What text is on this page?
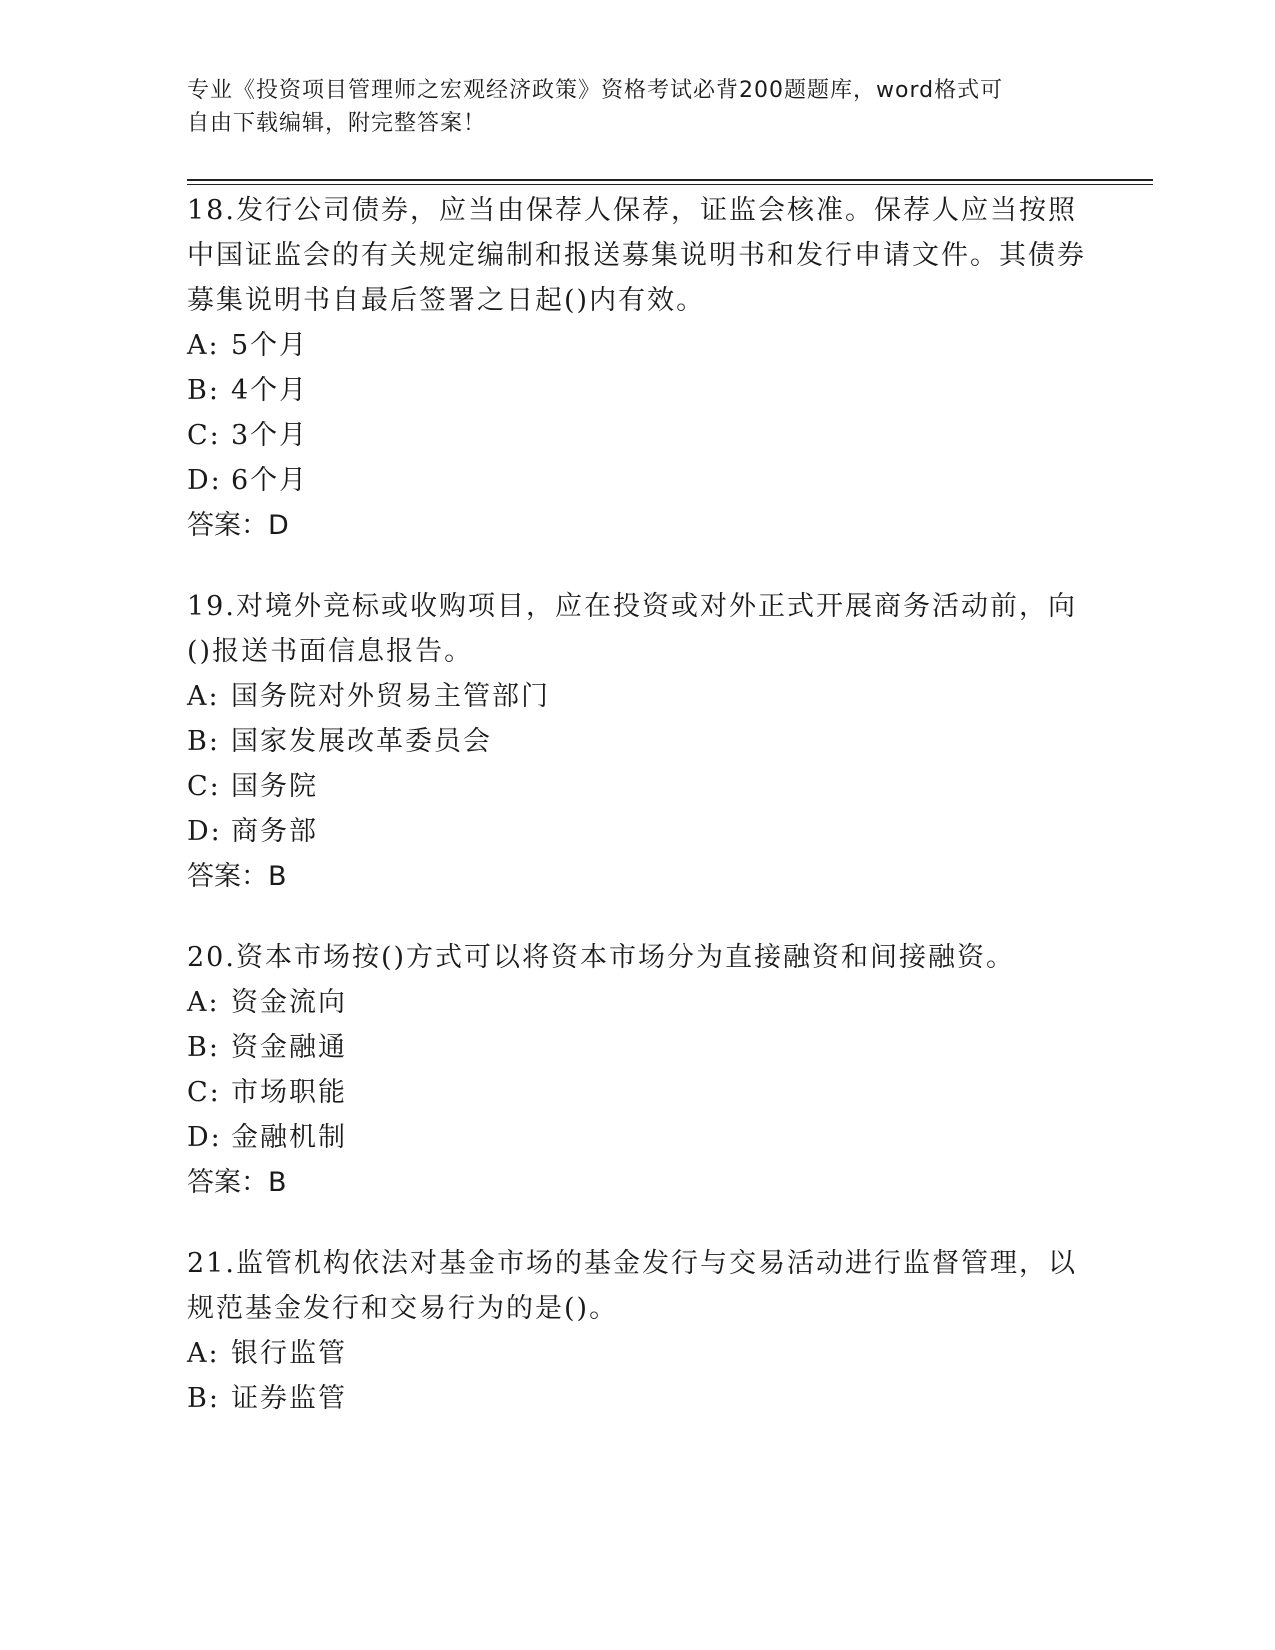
专业《投资项目管理师之宏观经济政策》资格考试必背200题题库，word格式可
自由下载编辑，附完整答案！

18.发行公司债券，应当由保荐人保荐，证监会核准。保荐人应当按照中国证监会的有关规定编制和报送募集说明书和发行申请文件。其债券募集说明书自最后签署之日起()内有效。

A: 5个月
B: 4个月
C: 3个月
D: 6个月

答案：D

19.对境外竞标或收购项目，应在投资或对外正式开展商务活动前，向()报送书面信息报告。

A: 国务院对外贸易主管部门
B: 国家发展改革委员会
C: 国务院
D: 商务部

答案：B

20.资本市场按()方式可以将资本市场分为直接融资和间接融资。

A: 资金流向
B: 资金融通
C: 市场职能
D: 金融机制

答案：B

21.监管机构依法对基金市场的基金发行与交易活动进行监督管理，以规范基金发行和交易行为的是()。

A: 银行监管
B: 证券监管
